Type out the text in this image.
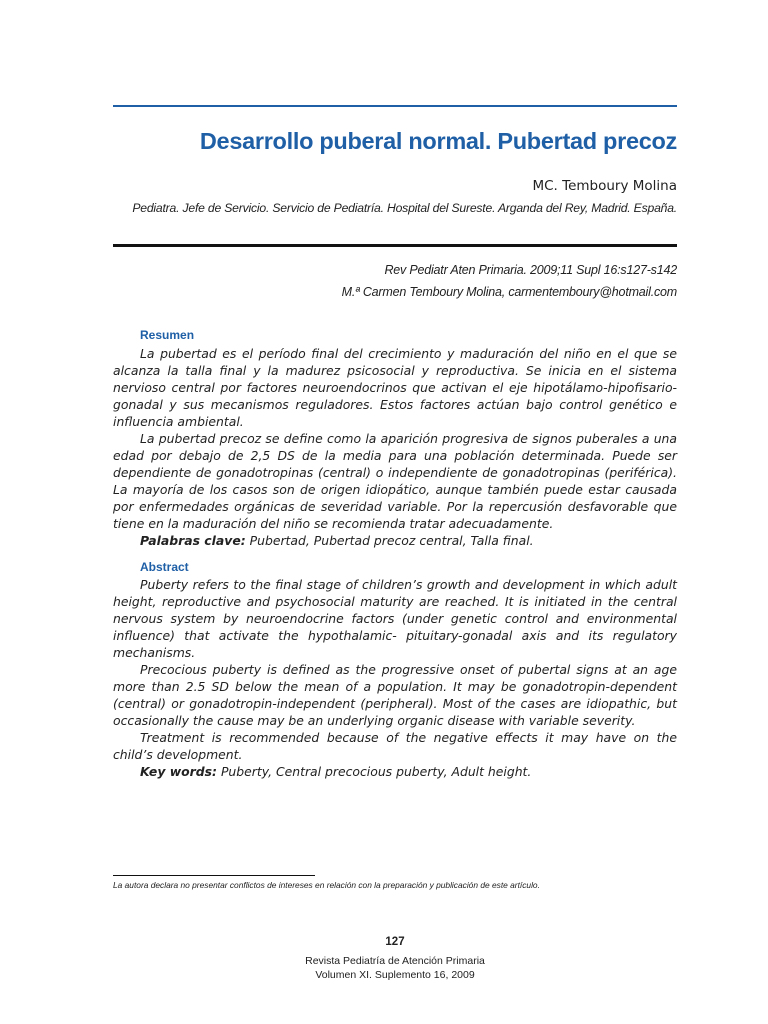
Desarrollo puberal normal. Pubertad precoz
MC. Temboury Molina
Pediatra. Jefe de Servicio. Servicio de Pediatría. Hospital del Sureste. Arganda del Rey, Madrid. España.
Rev Pediatr Aten Primaria. 2009;11 Supl 16:s127-s142
M.ª Carmen Temboury Molina, carmentemboury@hotmail.com
Resumen

La pubertad es el período final del crecimiento y maduración del niño en el que se alcanza la talla final y la madurez psicosocial y reproductiva. Se inicia en el sistema nervioso central por factores neuroendocrinos que activan el eje hipotálamo-hipofisario-gonadal y sus mecanismos reguladores. Estos factores actúan bajo control genético e influencia ambiental.

La pubertad precoz se define como la aparición progresiva de signos puberales a una edad por debajo de 2,5 DS de la media para una población determinada. Puede ser dependiente de gonadotropinas (central) o independiente de gonadotropinas (periférica). La mayoría de los casos son de origen idiopático, aunque también puede estar causada por enfermedades orgánicas de severidad variable. Por la repercusión desfavorable que tiene en la maduración del niño se recomienda tratar adecuadamente.

Palabras clave: Pubertad, Pubertad precoz central, Talla final.

Abstract

Puberty refers to the final stage of children’s growth and development in which adult height, reproductive and psychosocial maturity are reached. It is initiated in the central nervous system by neuroendocrine factors (under genetic control and environmental influence) that activate the hypothalamic- pituitary-gonadal axis and its regulatory mechanisms.

Precocious puberty is defined as the progressive onset of pubertal signs at an age more than 2.5 SD below the mean of a population. It may be gonadotropin-dependent (central) or gonadotropin-independent (peripheral). Most of the cases are idiopathic, but occasionally the cause may be an underlying organic disease with variable severity.

Treatment is recommended because of the negative effects it may have on the child’s development.

Key words: Puberty, Central precocious puberty, Adult height.

La autora declara no presentar conflictos de intereses en relación con la preparación y publicación de este artículo.
127
Revista Pediatría de Atención Primaria
Volumen XI. Suplemento 16, 2009
